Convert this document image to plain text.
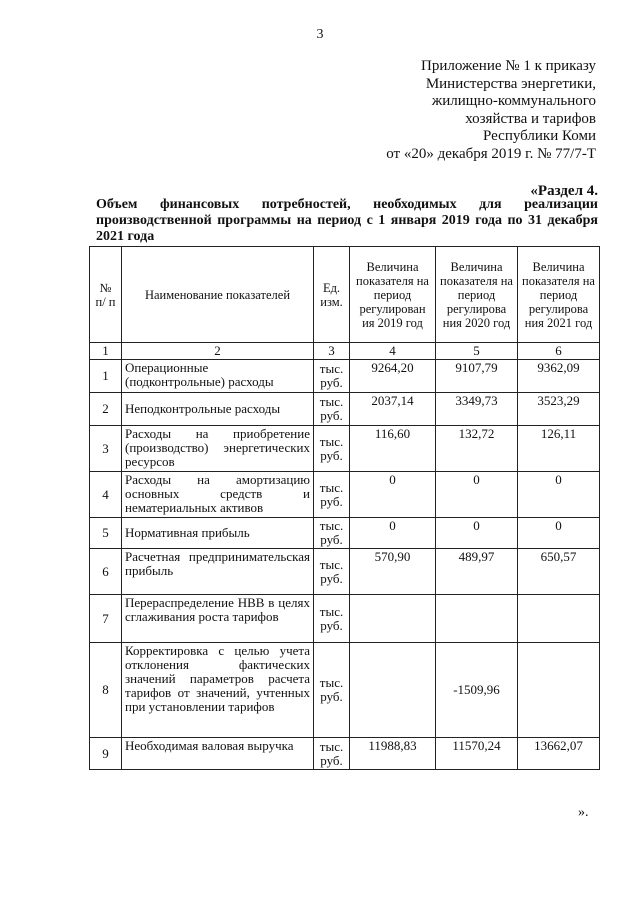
3
Приложение № 1 к приказу
Министерства энергетики,
жилищно-коммунального
хозяйства и тарифов
Республики Коми
от «20» декабря 2019 г. № 77/7-Т
«Раздел 4.
Объем финансовых потребностей, необходимых для реализации производственной программы на период с 1 января 2019 года по 31 декабря 2021 года
№ п/ п	Наименование показателей	Ед. изм.	Величина показателя на период регулирован ия 2019 год	Величина показателя на период регулирова ния 2020 год	Величина показателя на период регулирова ния 2021 год
1	2	3	4	5	6
1	Операционные (подконтрольные) расходы	тыс. руб.	9264,20	9107,79	9362,09
2	Неподконтрольные расходы	тыс. руб.	2037,14	3349,73	3523,29
3	Расходы на приобретение (производство) энергетических ресурсов	тыс. руб.	116,60	132,72	126,11
4	Расходы на амортизацию основных средств и нематериальных активов	тыс. руб.	0	0	0
5	Нормативная прибыль	тыс. руб.	0	0	0
6	Расчетная предпринимательская прибыль	тыс. руб.	570,90	489,97	650,57
7	Перераспределение НВВ в целях сглаживания роста тарифов	тыс. руб.			
8	Корректировка с целью учета отклонения фактических значений параметров расчета тарифов от значений, учтенных при установлении тарифов	тыс. руб.		-1509,96	
9	Необходимая валовая выручка	тыс. руб.	11988,83	11570,24	13662,07
».
